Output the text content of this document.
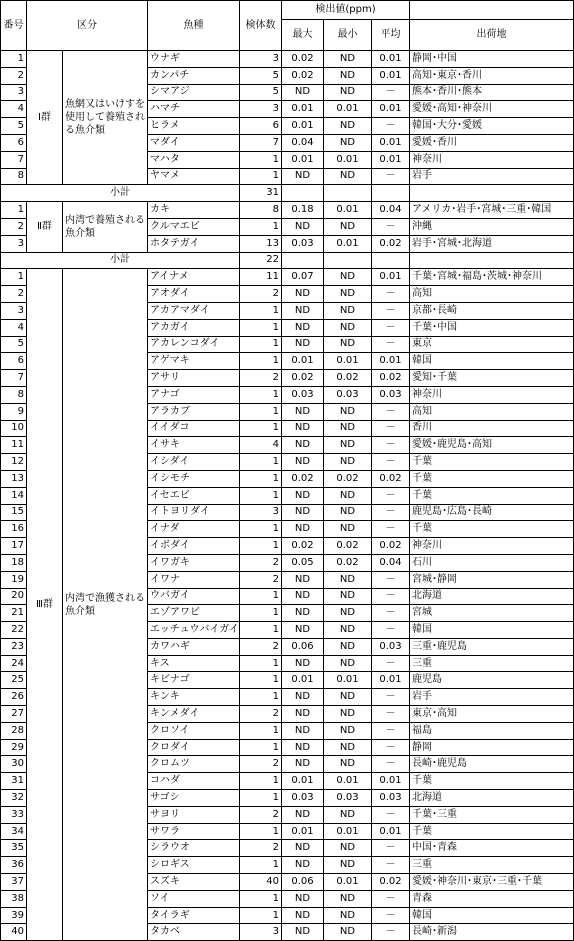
番号	区分		魚種	検体数	検出値(ppm)			
					最大	最小	平均	出荷地
1	Ⅰ群	魚網又はいけすを使用して養殖される魚介類	ウナギ	3	0.02	ND	0.01	静岡･中国
2			カンパチ	5	0.02	ND	0.01	高知･東京･香川
3			シマアジ	5	ND	ND	－	熊本･香川･熊本
4			ハマチ	3	0.01	0.01	0.01	愛媛･高知･神奈川
5			ヒラメ	6	0.01	ND	－	韓国･大分･愛媛
6			マダイ	7	0.04	ND	0.01	愛媛･香川
7			マハタ	1	0.01	0.01	0.01	神奈川
8			ヤマメ	1	ND	ND	－	岩手
小計				31				
1	Ⅱ群	内湾で養殖される魚介類	カキ	8	0.18	0.01	0.04	アメリカ･岩手･宮城･三重･韓国
2			クルマエビ	1	ND	ND	－	沖縄
3			ホタテガイ	13	0.03	0.01	0.02	岩手･宮城･北海道
小計				22				
1	Ⅲ群	内湾で漁獲される魚介類	アイナメ	11	0.07	ND	0.01	千葉･宮城･福島･茨城･神奈川
2			アオダイ	2	ND	ND	－	高知
3			アカアマダイ	1	ND	ND	－	京都･長崎
4			アカガイ	1	ND	ND	－	千葉･中国
5			アカレンコダイ	1	ND	ND	－	東京
6			アゲマキ	1	0.01	0.01	0.01	韓国
7			アサリ	2	0.02	0.02	0.02	愛知･千葉
8			アナゴ	1	0.03	0.03	0.03	神奈川
9			アラカブ	1	ND	ND	－	高知
10			イイダコ	1	ND	ND	－	香川
11			イサキ	4	ND	ND	－	愛媛･鹿児島･高知
12			イシダイ	1	ND	ND	－	千葉
13			イシモチ	1	0.02	0.02	0.02	千葉
14			イセエビ	1	ND	ND	－	千葉
15			イトヨリダイ	3	ND	ND	－	鹿児島･広島･長崎
16			イナダ	1	ND	ND	－	千葉
17			イボダイ	1	0.02	0.02	0.02	神奈川
18			イワガキ	2	0.05	0.02	0.04	石川
19			イワナ	2	ND	ND	－	宮城･静岡
20			ウバガイ	1	ND	ND	－	北海道
21			エゾアワビ	1	ND	ND	－	宮城
22			エッチュウバイガイ	1	ND	ND	－	韓国
23			カワハギ	2	0.06	ND	0.03	三重･鹿児島
24			キス	1	ND	ND	－	三重
25			キビナゴ	1	0.01	0.01	0.01	鹿児島
26			キンキ	1	ND	ND	－	岩手
27			キンメダイ	2	ND	ND	－	東京･高知
28			クロソイ	1	ND	ND	－	福島
29			クロダイ	1	ND	ND	－	静岡
30			クロムツ	2	ND	ND	－	長崎･鹿児島
31			コハダ	1	0.01	0.01	0.01	千葉
32			サゴシ	1	0.03	0.03	0.03	北海道
33			サヨリ	2	ND	ND	－	千葉･三重
34			サワラ	1	0.01	0.01	0.01	千葉
35			シラウオ	2	ND	ND	－	中国･青森
36			シロギス	1	ND	ND	－	三重
37			スズキ	40	0.06	0.01	0.02	愛媛･神奈川･東京･三重･千葉
38			ソイ	1	ND	ND	－	青森
39			タイラギ	1	ND	ND	－	韓国
40			タカベ	3	ND	ND	－	長崎･新潟
